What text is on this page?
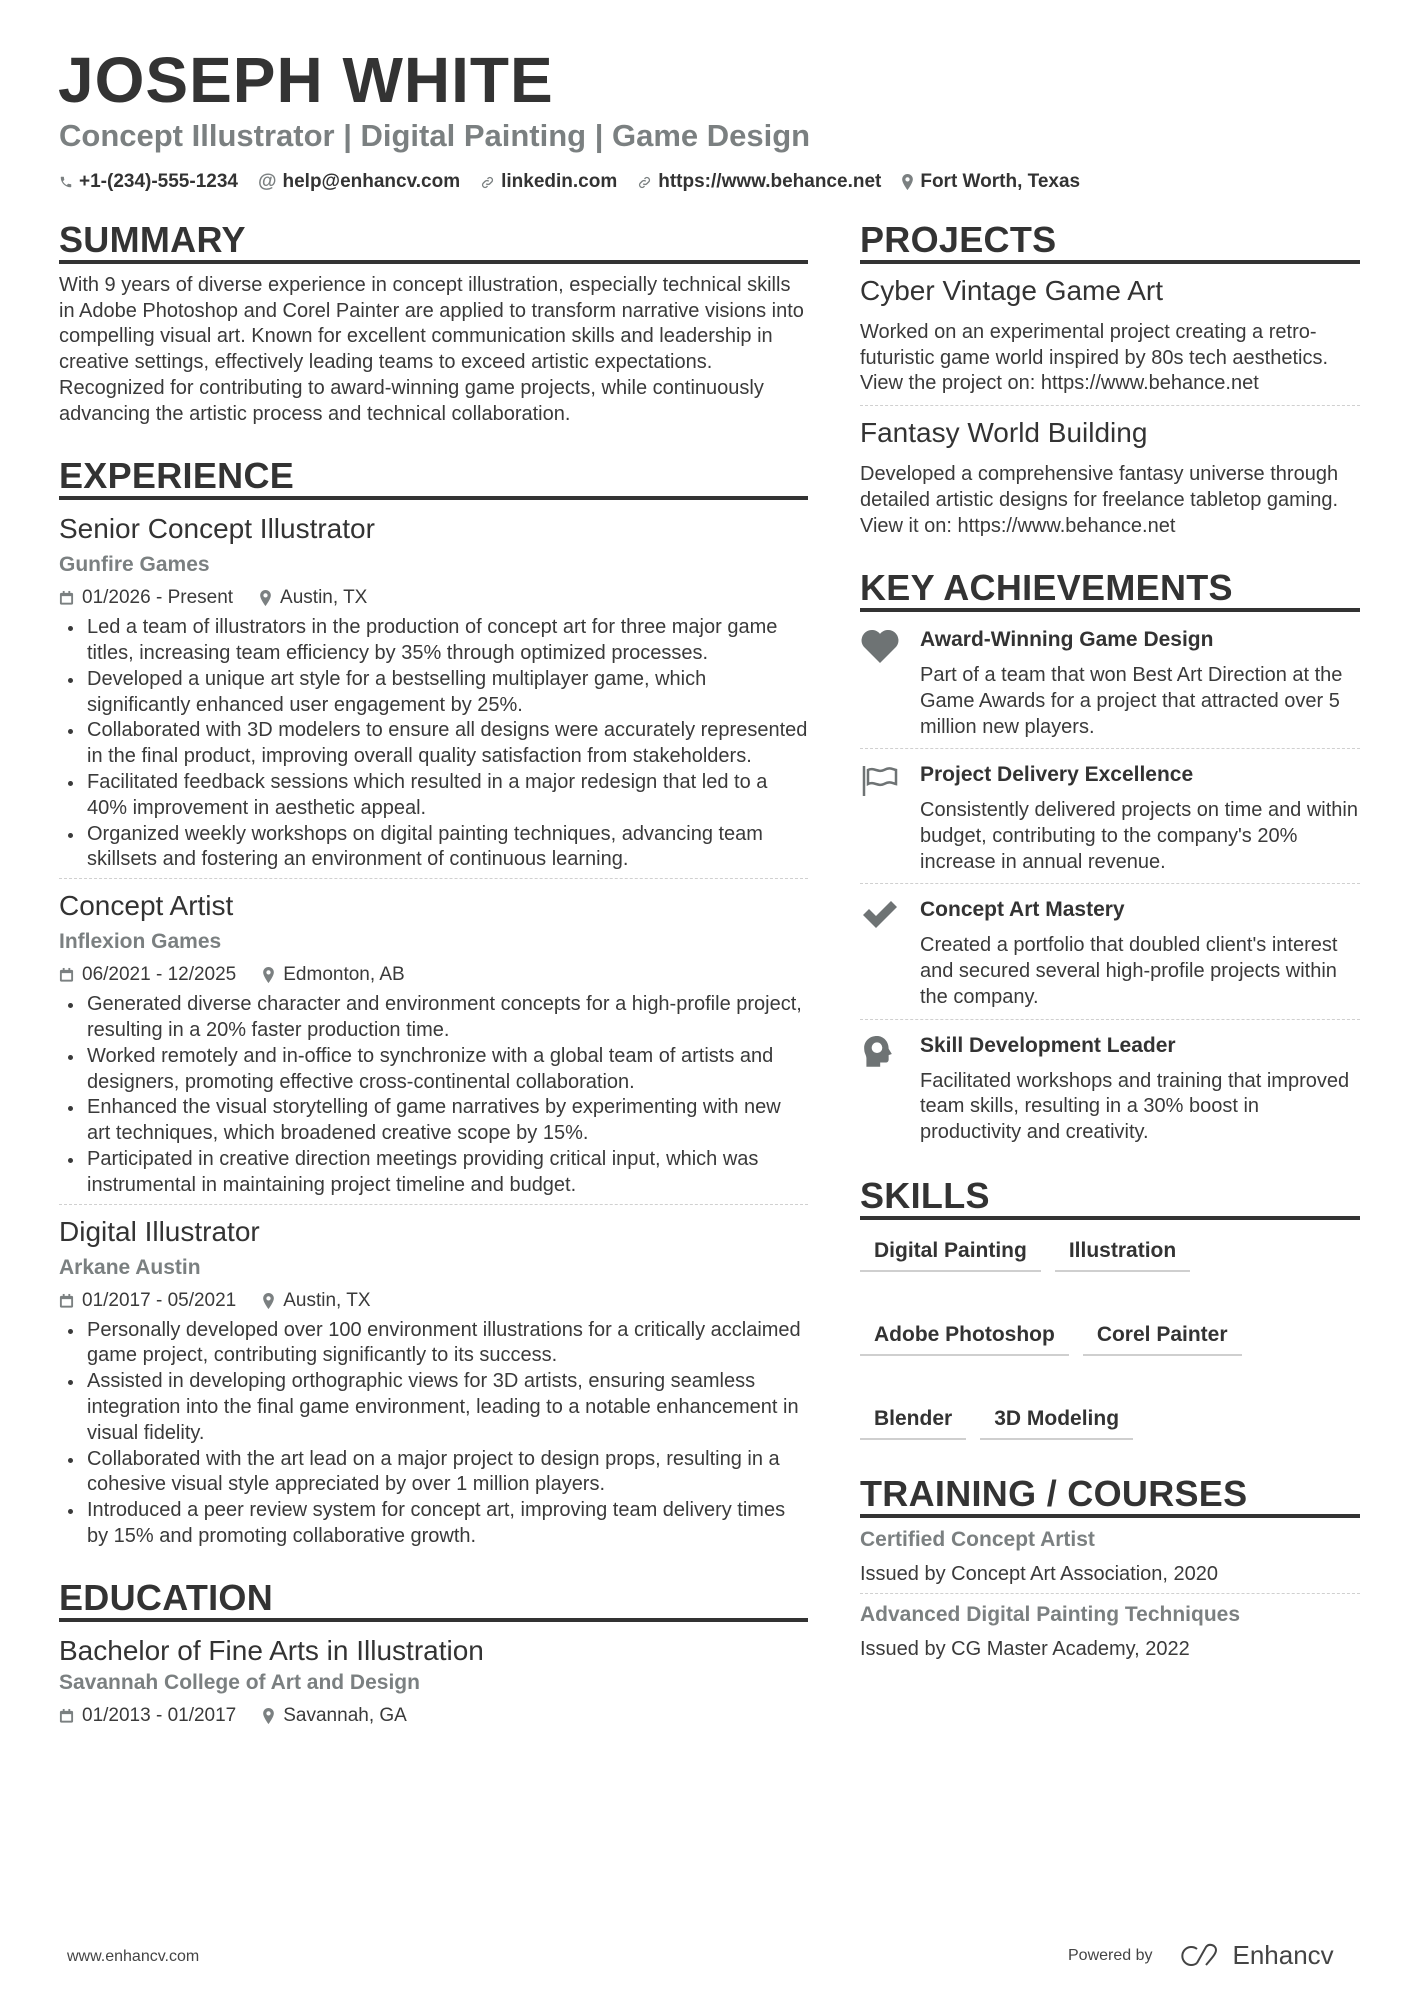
JOSEPH WHITE
Concept Illustrator | Digital Painting | Game Design
+1-(234)-555-1234 @ help@enhancv.com linkedin.com https://www.behance.net Fort Worth, Texas
SUMMARY

With 9 years of diverse experience in concept illustration, especially technical skills in Adobe Photoshop and Corel Painter are applied to transform narrative visions into compelling visual art. Known for excellent communication skills and leadership in creative settings, effectively leading teams to exceed artistic expectations. Recognized for contributing to award-winning game projects, while continuously advancing the artistic process and technical collaboration.

EXPERIENCE
Senior Concept Illustrator
Gunfire Games
01/2026 - Present Austin, TX
Led a team of illustrators in the production of concept art for three major game titles, increasing team efficiency by 35% through optimized processes.
Developed a unique art style for a bestselling multiplayer game, which significantly enhanced user engagement by 25%.
Collaborated with 3D modelers to ensure all designs were accurately represented in the final product, improving overall quality satisfaction from stakeholders.
Facilitated feedback sessions which resulted in a major redesign that led to a 40% improvement in aesthetic appeal.
Organized weekly workshops on digital painting techniques, advancing team skillsets and fostering an environment of continuous learning.
Concept Artist
Inflexion Games
06/2021 - 12/2025 Edmonton, AB
Generated diverse character and environment concepts for a high-profile project, resulting in a 20% faster production time.
Worked remotely and in-office to synchronize with a global team of artists and designers, promoting effective cross-continental collaboration.
Enhanced the visual storytelling of game narratives by experimenting with new art techniques, which broadened creative scope by 15%.
Participated in creative direction meetings providing critical input, which was instrumental in maintaining project timeline and budget.
Digital Illustrator
Arkane Austin
01/2017 - 05/2021 Austin, TX
Personally developed over 100 environment illustrations for a critically acclaimed game project, contributing significantly to its success.
Assisted in developing orthographic views for 3D artists, ensuring seamless integration into the final game environment, leading to a notable enhancement in visual fidelity.
Collaborated with the art lead on a major project to design props, resulting in a cohesive visual style appreciated by over 1 million players.
Introduced a peer review system for concept art, improving team delivery times by 15% and promoting collaborative growth.
EDUCATION
Bachelor of Fine Arts in Illustration
Savannah College of Art and Design
01/2013 - 01/2017 Savannah, GA
PROJECTS
Cyber Vintage Game Art

Worked on an experimental project creating a retro-futuristic game world inspired by 80s tech aesthetics. View the project on: https://www.behance.net

Fantasy World Building

Developed a comprehensive fantasy universe through detailed artistic designs for freelance tabletop gaming. View it on: https://www.behance.net

KEY ACHIEVEMENTS
Award-Winning Game Design

Part of a team that won Best Art Direction at the Game Awards for a project that attracted over 5 million new players.

Project Delivery Excellence

Consistently delivered projects on time and within budget, contributing to the company's 20% increase in annual revenue.

Concept Art Mastery

Created a portfolio that doubled client's interest and secured several high-profile projects within the company.

Skill Development Leader

Facilitated workshops and training that improved team skills, resulting in a 30% boost in productivity and creativity.

SKILLS
Digital Painting	Illustration
Adobe Photoshop	Corel Painter
Blender	3D Modeling
TRAINING / COURSES
Certified Concept Artist
Issued by Concept Art Association, 2020
Advanced Digital Painting Techniques
Issued by CG Master Academy, 2022
www.enhancv.com	Powered by	Enhancv
